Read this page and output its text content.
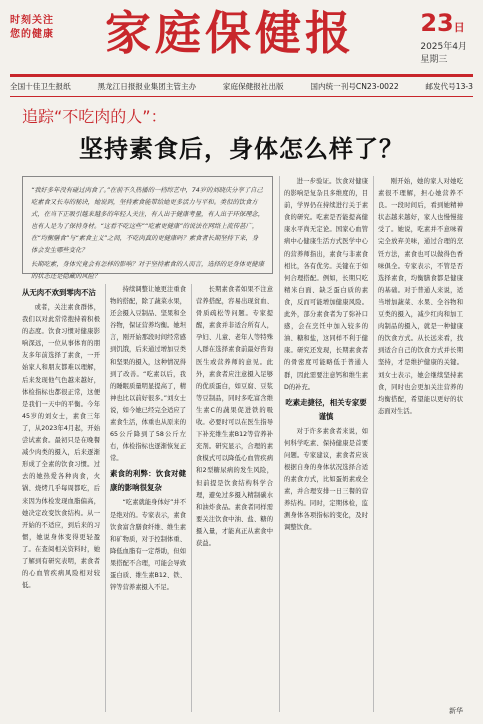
时刻关注
您的健康	家庭保健报	23日
2025年4月
星期三
全国十佳卫生报纸	黑龙江日报报业集团主管主办	家庭保健报社出版	国内统一刊号CN23-0022	邮发代号13-3
追踪“不吃肉的人”：
坚持素食后，身体怎么样了？
“我好多年没有碰过肉食了。”在前不久热播的一档综艺中，74岁的刘晓庆分享了自己吃素食又长寿的秘诀，她说到，坚持素食能带给她更多活力与平和。类似的饮食方式，在当下正吸引越来越多的年轻人关注，有人出于健康考量，有人出于环保理念，也有人是为了保持身材。“这看不吃这些”“吃素更健康”的说法在网络上流传甚广，在“均衡膳食”与“素食主义”之间，不吃肉真的更健康吗？素食者长期坚持下来，身体会发生哪些变化？
长期吃素，身体究竟会有怎样的影响？对于坚持素食的人而言，选择的是身体更健康的状态还是隐藏的风险？
从无肉不欢到零肉不沾

或者，关注素食群体，我们以对此常常抱持着积极的态度。饮食习惯对健康影响深远，一位从事体育的朋友多年前选择了素食，一开始家人和朋友都难以理解，后来发现他气色越来越好，体检指标也都很正常，这便是我们一天中的平衡。今年45岁的刘女士，素食三年了，从2023年4月起，开始尝试素食。最初只是在晚餐减少肉类的摄入，后来逐渐形成了全素的饮食习惯。过去的她热爱各种肉食，火锅、烧烤几乎每周都吃，后来因为体检发现血脂偏高，她决定改变饮食结构。从一开始的不适应，到后来的习惯，她说身体变得更轻盈了。在查阅相关资料时，她了解到有研究表明，素食者的心血管疾病风险相对较低。

持续调整让她更注重食物的搭配，除了蔬菜水果，还会摄入豆制品、坚果和全谷物，保证营养均衡。她坦言，刚开始那段时间经常感到饥饿，后来通过增加豆类和坚果的摄入，这种情况得到了改善。“吃素以后，我的睡眠质量明显提高了，精神也比以前好很多。”刘女士说，如今她已经完全适应了素食生活，体重也从原来的65公斤降到了58公斤左右，体检指标也逐渐恢复正常。

素食的利弊：饮食对健康的影响很复杂

“吃素就能身体好”并不是绝对的。专家表示，素食饮食富含膳食纤维、维生素和矿物质，对于控制体重、降低血脂有一定帮助，但如果搭配不合理，可能会导致蛋白质、维生素B12、铁、锌等营养素摄入不足。

长期素食者如果不注意营养搭配，容易出现贫血、骨质疏松等问题。专家提醒，素食并非适合所有人，孕妇、儿童、老年人等特殊人群在选择素食前最好咨询医生或营养师的意见。此外，素食者应注意摄入足够的优质蛋白，如豆腐、豆浆等豆制品，同时多吃富含维生素C的蔬果促进铁的吸收。必要时可以在医生指导下补充维生素B12等营养补充剂。研究显示，合理的素食模式可以降低心血管疾病和2型糖尿病的发生风险，但前提是饮食结构科学合理，避免过多摄入精制碳水和油炸食品。素食者同样需要关注饮食中油、盐、糖的摄入量，才能真正从素食中获益。

进一步验证。饮食对健康的影响是复杂且多维度的，目前，学界仍在持续进行关于素食的研究。吃素是否能提高健康水平尚无定论。国家心血管病中心健康生活方式医学中心的营养师指出，素食与非素食相比，各有优劣。关键在于如何合理搭配。例如，长期只吃精米白面、缺乏蛋白质的素食，反而可能增加健康风险。此外，部分素食者为了弥补口感，会在烹饪中加入较多的油、糖和盐，这同样不利于健康。研究还发现，长期素食者的骨密度可能略低于普通人群，因此需要注意钙和维生素D的补充。

吃素走捷径，相关专家要谨慎

对于许多素食者来说，如何科学吃素、保持健康是首要问题。专家建议，素食者应该根据自身的身体状况选择合适的素食方式，比如蛋奶素或全素，并合理安排一日三餐的营养结构。同时，定期体检，监测身体各项指标的变化，及时调整饮食。

刚开始，她的家人对她吃素很不理解，担心她营养不良。一段时间后，看到她精神状态越来越好，家人也慢慢接受了。她说，吃素并不意味着完全放弃美味，通过合理的烹饪方法，素食也可以做得色香味俱全。专家表示，不管是否选择素食，均衡膳食都是健康的基础。对于普通人来说，适当增加蔬菜、水果、全谷物和豆类的摄入，减少红肉和加工肉制品的摄入，就是一种健康的饮食方式。从长远来看，找到适合自己的饮食方式并长期坚持，才是维护健康的关键。刘女士表示，她会继续坚持素食，同时也会更加关注营养的均衡搭配，希望能以更好的状态面对生活。

新华
